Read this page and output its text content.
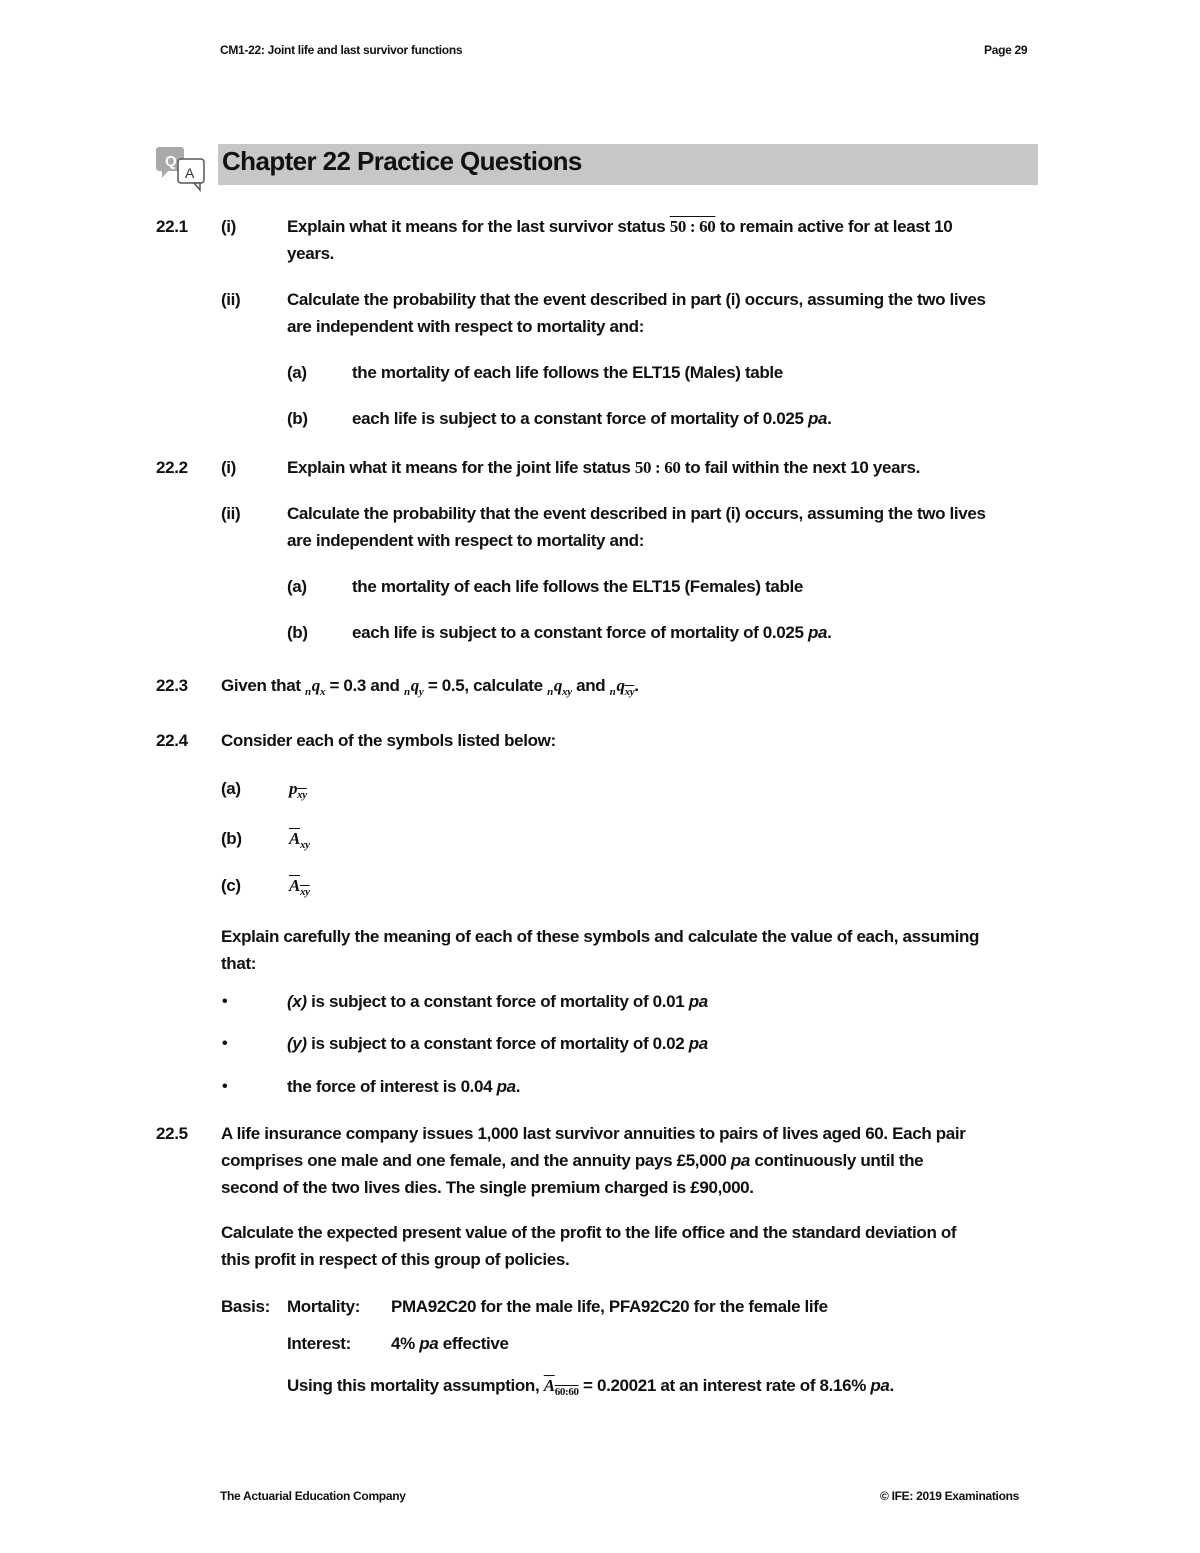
CM1-22: Joint life and last survivor functions	Page 29
Q
A Chapter 22 Practice Questions
22.1 (i)	Explain what it means for the last survivor status 50 : 60 to remain active for at least 10
years.
(ii)	Calculate the probability that the event described in part (i) occurs, assuming the two lives
are independent with respect to mortality and:
(a)	the mortality of each life follows the ELT15 (Males) table
(b)	each life is subject to a constant force of mortality of 0.025 pa.
22.2 (i)	Explain what it means for the joint life status 50 : 60 to fail within the next 10 years.
(ii)	Calculate the probability that the event described in part (i) occurs, assuming the two lives
are independent with respect to mortality and:
(a)	the mortality of each life follows the ELT15 (Females) table
(b)	each life is subject to a constant force of mortality of 0.025 pa.
22.3 Given that $_nq_x = 0.3$ and $_nq_y = 0.5$, calculate $_nq_{xy}$ and $_nq_{\overline{xy}}$.
22.4 Consider each of the symbols listed below:
(a)	$p_{\overline{xy}}$
(b)	$\overline{A}_{xy}$
(c)	$\overline{A}_{\overline{xy}}$
Explain carefully the meaning of each of these symbols and calculate the value of each, assuming
that:
•	(x) is subject to a constant force of mortality of 0.01 pa
•	(y) is subject to a constant force of mortality of 0.02 pa
•	the force of interest is 0.04 pa.
22.5 A life insurance company issues 1,000 last survivor annuities to pairs of lives aged 60. Each pair
comprises one male and one female, and the annuity pays £5,000 pa continuously until the
second of the two lives dies. The single premium charged is £90,000.
Calculate the expected present value of the profit to the life office and the standard deviation of
this profit in respect of this group of policies.
Basis: Mortality: PMA92C20 for the male life, PFA92C20 for the female life
Interest: 4% pa effective
Using this mortality assumption, $\overline{A}_{60:60} = 0.20021$ at an interest rate of 8.16% pa.
The Actuarial Education Company	© IFE: 2019 Examinations
